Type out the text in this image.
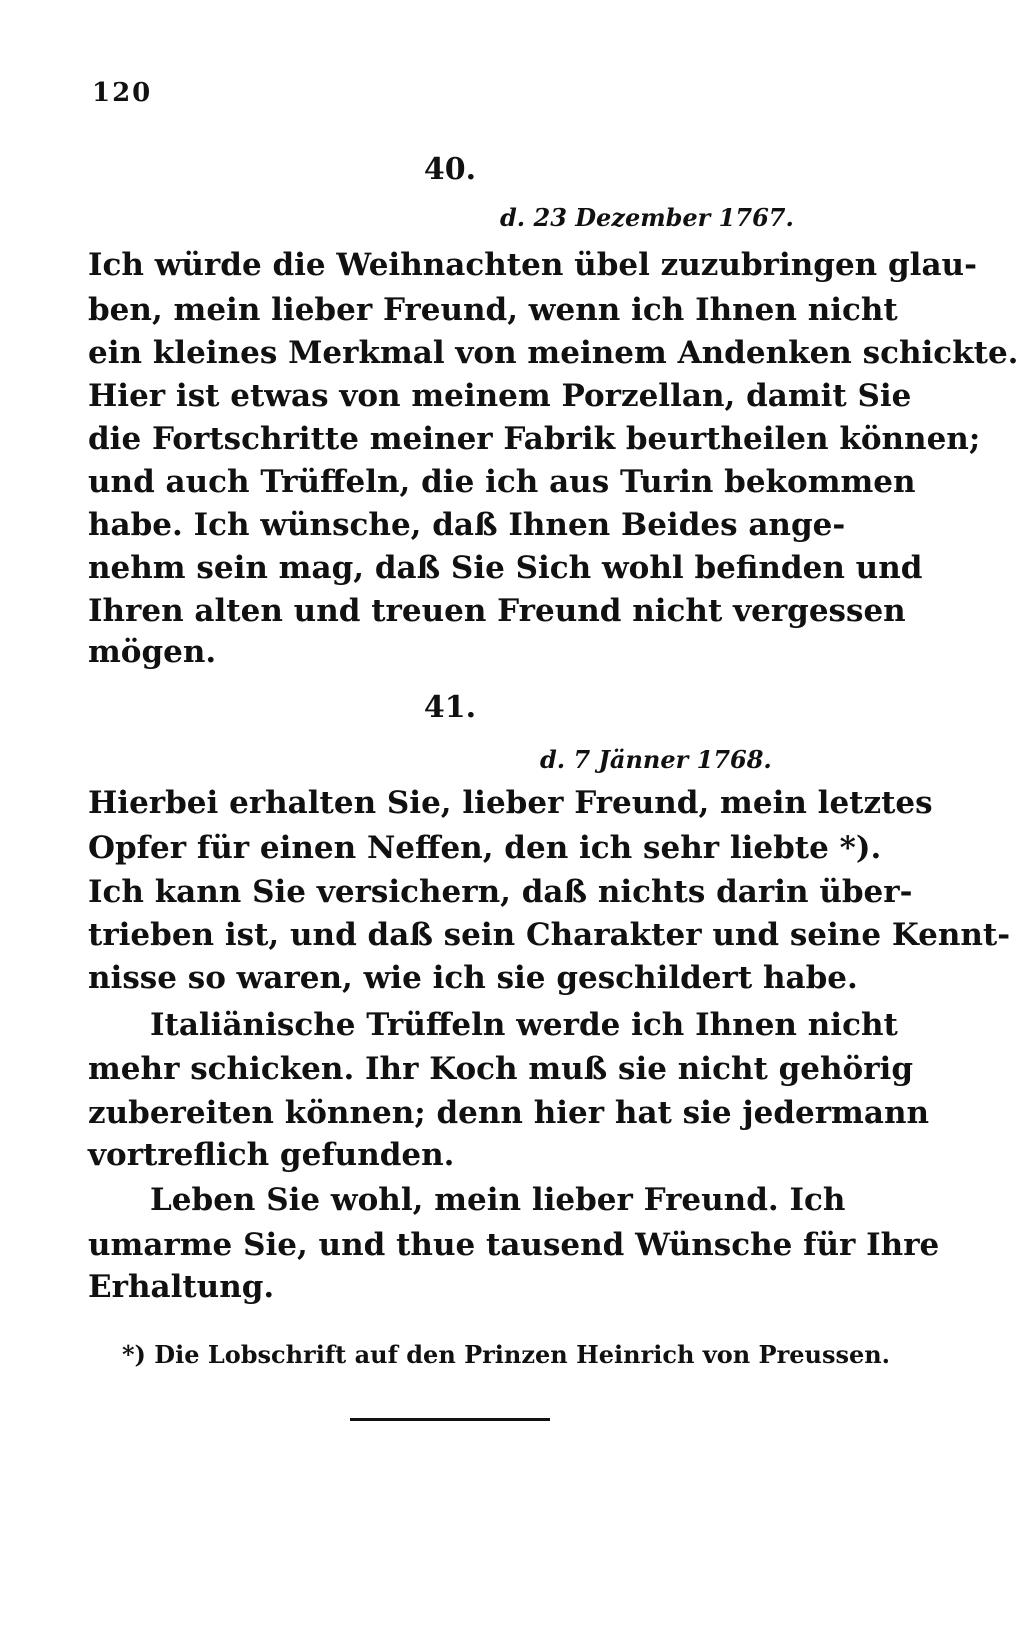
120
40.
d. 23 Dezember 1767.
Ich würde die Weihnachten übel zuzubringen glau-
ben, mein lieber Freund, wenn ich Ihnen nicht
ein kleines Merkmal von meinem Andenken schickte.
Hier ist etwas von meinem Porzellan, damit Sie
die Fortschritte meiner Fabrik beurtheilen können;
und auch Trüffeln, die ich aus Turin bekommen
habe. Ich wünsche, daß Ihnen Beides ange-
nehm sein mag, daß Sie Sich wohl befinden und
Ihren alten und treuen Freund nicht vergessen
mögen.
41.
d. 7 Jänner 1768.
Hierbei erhalten Sie, lieber Freund, mein letztes
Opfer für einen Neffen, den ich sehr liebte *).
Ich kann Sie versichern, daß nichts darin über-
trieben ist, und daß sein Charakter und seine Kennt-
nisse so waren, wie ich sie geschildert habe.
Italiänische Trüffeln werde ich Ihnen nicht
mehr schicken. Ihr Koch muß sie nicht gehörig
zubereiten können; denn hier hat sie jedermann
vortreflich gefunden.
Leben Sie wohl, mein lieber Freund. Ich
umarme Sie, und thue tausend Wünsche für Ihre
Erhaltung.
*) Die Lobschrift auf den Prinzen Heinrich von Preussen.
